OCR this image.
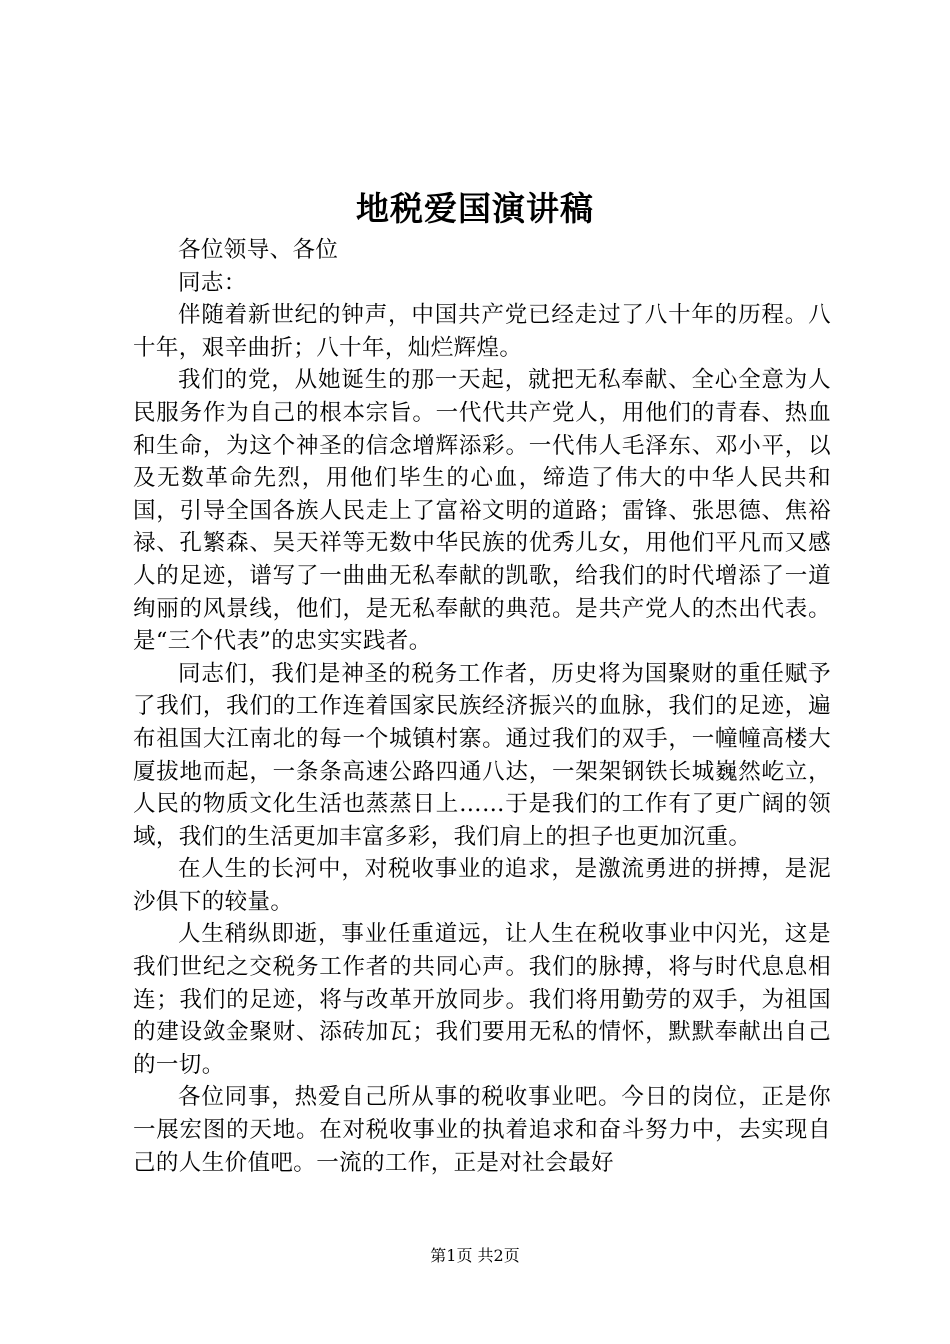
地税爱国演讲稿

各位领导、各位

同志：

伴随着新世纪的钟声，中国共产党已经走过了八十年的历程。八十年，艰辛曲折；八十年，灿烂辉煌。

我们的党，从她诞生的那一天起，就把无私奉献、全心全意为人民服务作为自己的根本宗旨。一代代共产党人，用他们的青春、热血和生命，为这个神圣的信念增辉添彩。一代伟人毛泽东、邓小平，以及无数革命先烈，用他们毕生的心血，缔造了伟大的中华人民共和国，引导全国各族人民走上了富裕文明的道路；雷锋、张思德、焦裕禄、孔繁森、吴天祥等无数中华民族的优秀儿女，用他们平凡而又感人的足迹，谱写了一曲曲无私奉献的凯歌，给我们的时代增添了一道绚丽的风景线，他们，是无私奉献的典范。是共产党人的杰出代表。是“三个代表”的忠实实践者。

同志们，我们是神圣的税务工作者，历史将为国聚财的重任赋予了我们，我们的工作连着国家民族经济振兴的血脉，我们的足迹，遍布祖国大江南北的每一个城镇村寨。通过我们的双手，一幢幢高楼大厦拔地而起，一条条高速公路四通八达，一架架钢铁长城巍然屹立，人民的物质文化生活也蒸蒸日上……于是我们的工作有了更广阔的领域，我们的生活更加丰富多彩，我们肩上的担子也更加沉重。

在人生的长河中，对税收事业的追求，是激流勇进的拼搏，是泥沙俱下的较量。

人生稍纵即逝，事业任重道远，让人生在税收事业中闪光，这是我们世纪之交税务工作者的共同心声。我们的脉搏，将与时代息息相连；我们的足迹，将与改革开放同步。我们将用勤劳的双手，为祖国的建设敛金聚财、添砖加瓦；我们要用无私的情怀，默默奉献出自己的一切。

各位同事，热爱自己所从事的税收事业吧。今日的岗位，正是你一展宏图的天地。在对税收事业的执着追求和奋斗努力中，去实现自己的人生价值吧。一流的工作，正是对社会最好

第1页 共2页
